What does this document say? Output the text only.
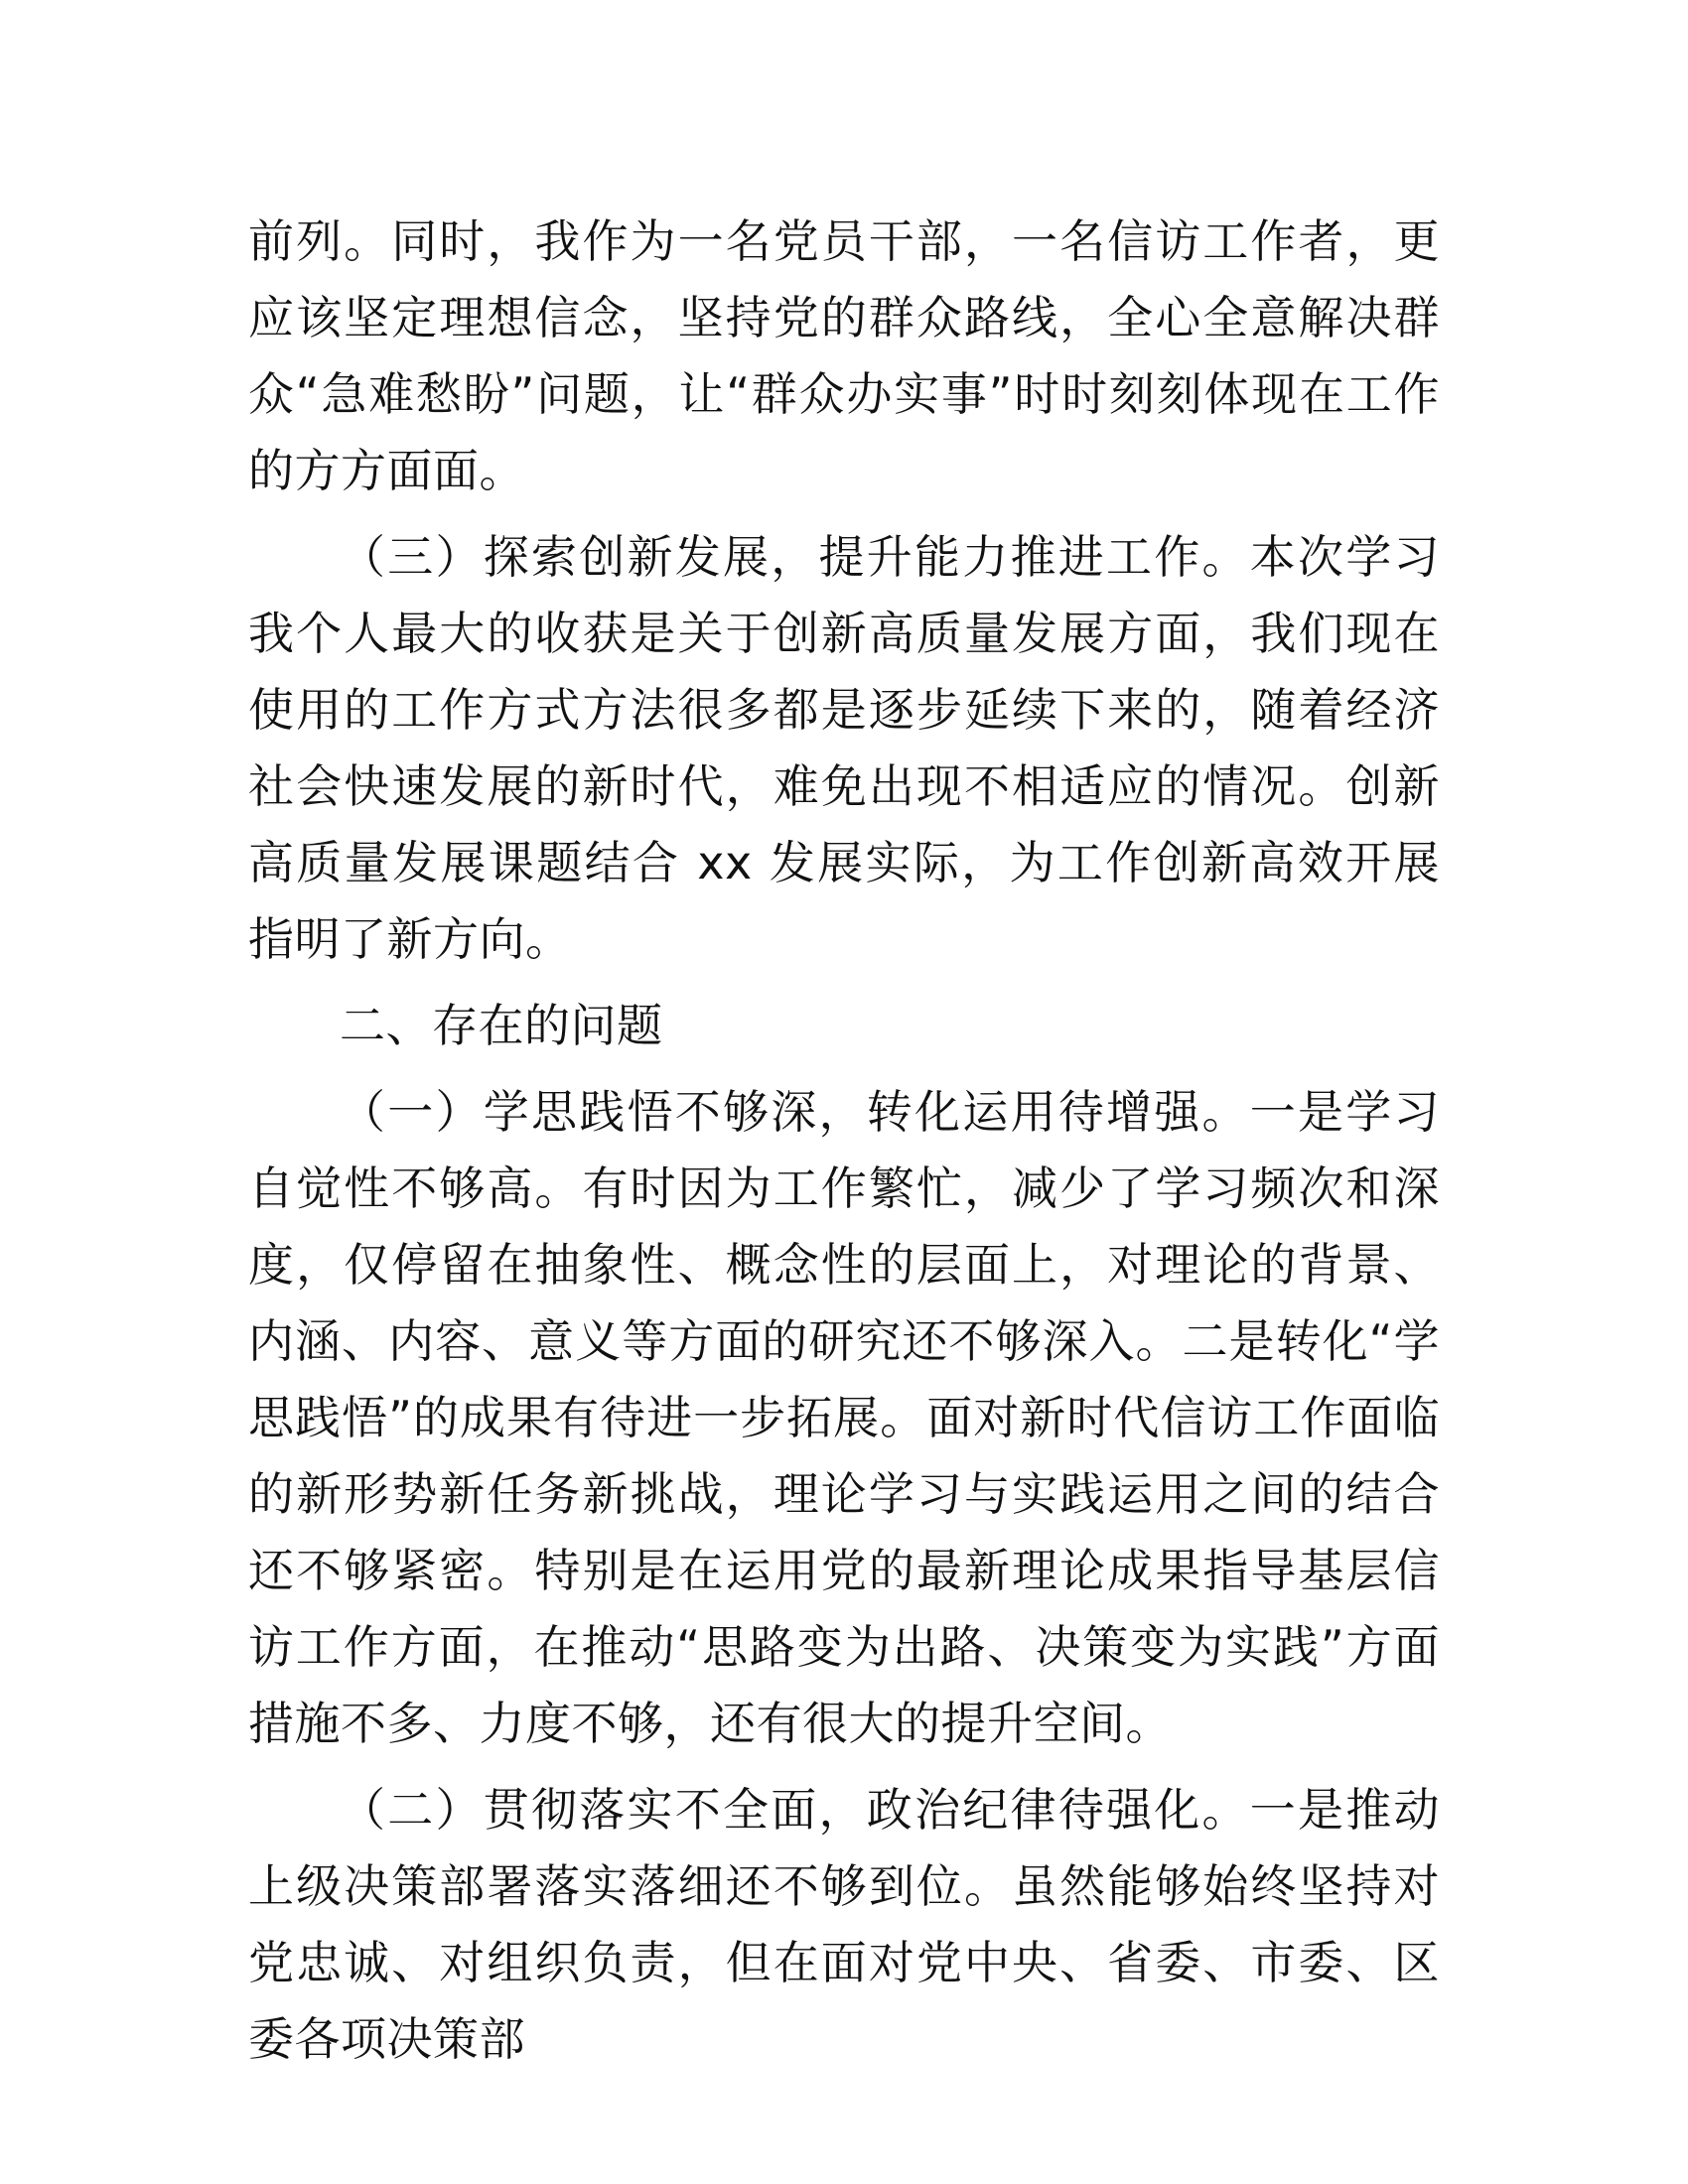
前列。同时，我作为一名党员干部，一名信访工作者，更应该坚定理想信念，坚持党的群众路线，全心全意解决群众“急难愁盼”问题，让“群众办实事”时时刻刻体现在工作的方方面面。

（三）探索创新发展，提升能力推进工作。本次学习我个人最大的收获是关于创新高质量发展方面，我们现在使用的工作方式方法很多都是逐步延续下来的，随着经济社会快速发展的新时代，难免出现不相适应的情况。创新高质量发展课题结合 xx 发展实际，为工作创新高效开展指明了新方向。

二、存在的问题

（一）学思践悟不够深，转化运用待增强。一是学习自觉性不够高。有时因为工作繁忙，减少了学习频次和深度，仅停留在抽象性、概念性的层面上，对理论的背景、内涵、内容、意义等方面的研究还不够深入。二是转化“学思践悟”的成果有待进一步拓展。面对新时代信访工作面临的新形势新任务新挑战，理论学习与实践运用之间的结合还不够紧密。特别是在运用党的最新理论成果指导基层信访工作方面，在推动“思路变为出路、决策变为实践”方面措施不多、力度不够，还有很大的提升空间。

（二）贯彻落实不全面，政治纪律待强化。一是推动上级决策部署落实落细还不够到位。虽然能够始终坚持对党忠诚、对组织负责，但在面对党中央、省委、市委、区委各项决策部
